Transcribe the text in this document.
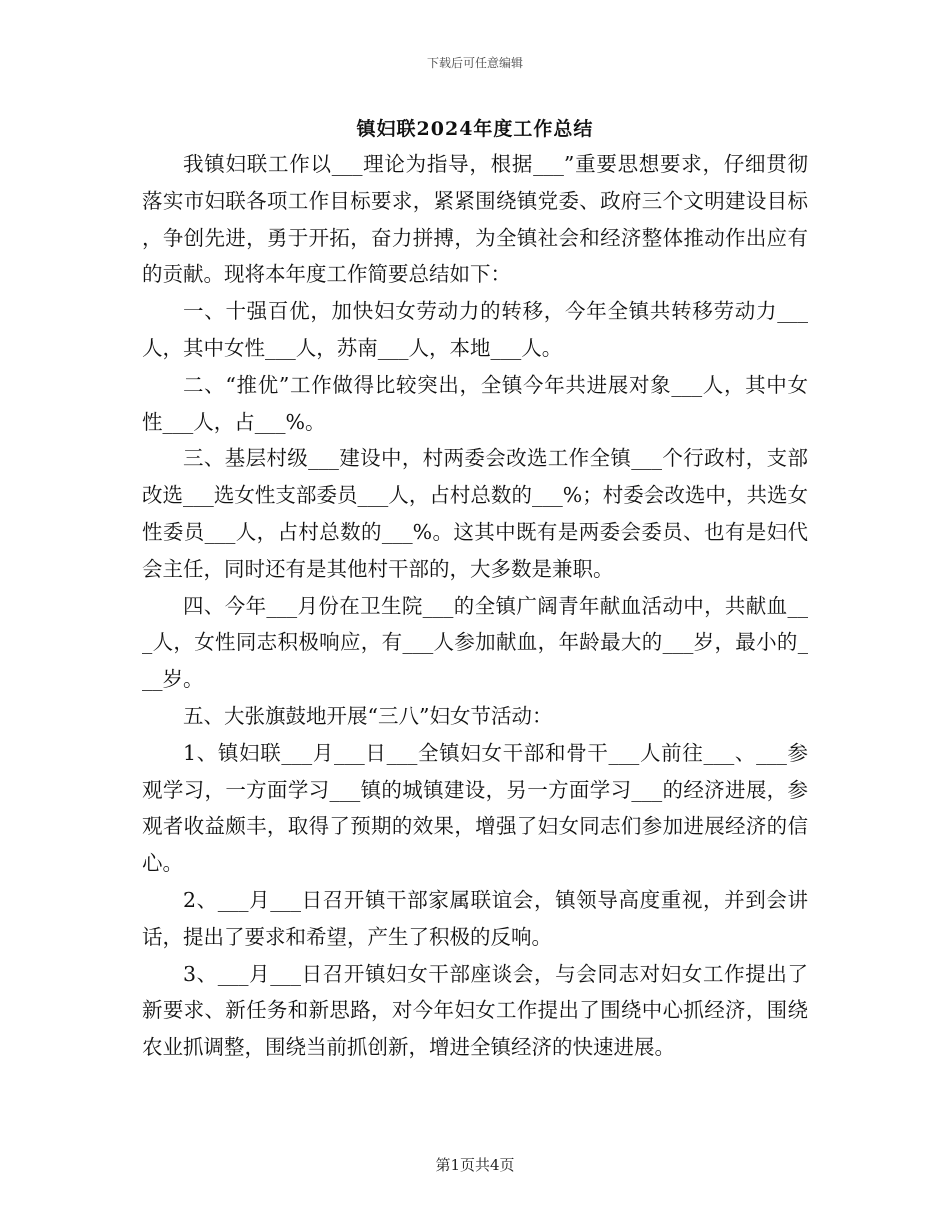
下载后可任意编辑
镇妇联2024年度工作总结

我镇妇联工作以___理论为指导，根据___”重要思想要求，仔细贯彻落实市妇联各项工作目标要求，紧紧围绕镇党委、政府三个文明建设目标，争创先进，勇于开拓，奋力拼搏，为全镇社会和经济整体推动作出应有的贡献。现将本年度工作简要总结如下：

一、十强百优，加快妇女劳动力的转移，今年全镇共转移劳动力___人，其中女性___人，苏南___人，本地___人。

二、“推优”工作做得比较突出，全镇今年共进展对象___人，其中女性___人，占___%。

三、基层村级___建设中，村两委会改选工作全镇___个行政村，支部改选___选女性支部委员___人，占村总数的___%；村委会改选中，共选女性委员___人，占村总数的___%。这其中既有是两委会委员、也有是妇代会主任，同时还有是其他村干部的，大多数是兼职。

四、今年___月份在卫生院___的全镇广阔青年献血活动中，共献血___人，女性同志积极响应，有___人参加献血，年龄最大的___岁，最小的___岁。

五、大张旗鼓地开展“三八”妇女节活动：

1、镇妇联___月___日___全镇妇女干部和骨干___人前往___、___参观学习，一方面学习___镇的城镇建设，另一方面学习___的经济进展，参观者收益颇丰，取得了预期的效果，增强了妇女同志们参加进展经济的信心。

2、___月___日召开镇干部家属联谊会，镇领导高度重视，并到会讲话，提出了要求和希望，产生了积极的反响。

3、___月___日召开镇妇女干部座谈会，与会同志对妇女工作提出了新要求、新任务和新思路，对今年妇女工作提出了围绕中心抓经济，围绕农业抓调整，围绕当前抓创新，增进全镇经济的快速进展。

第1页共4页
